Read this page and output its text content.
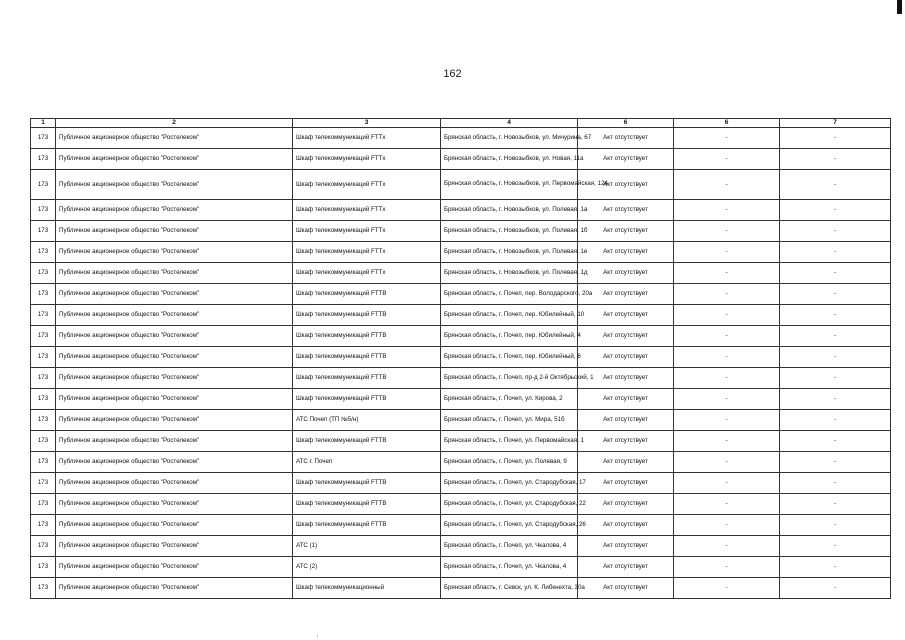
162
1	2	3	4	6	6	7
173	Публичное акционерное общество "Ростелеком"	Шкаф телекоммуникаций FTTx	Брянская область, г. Новозыбков, ул. Мичурина, 67	Акт отсутствует	-	-
173	Публичное акционерное общество "Ростелеком"	Шкаф телекоммуникаций FTTx	Брянская область, г. Новозыбков, ул. Новая, 11а	Акт отсутствует	-	-
173	Публичное акционерное общество "Ростелеком"	Шкаф телекоммуникаций FTTx	Брянская область, г. Новозыбков, ул. Первомайская, 124	Акт отсутствует	-	-
173	Публичное акционерное общество "Ростелеком"	Шкаф телекоммуникаций FTTx	Брянская область, г. Новозыбков, ул. Полевая, 1а	Акт отсутствует	-	-
173	Публичное акционерное общество "Ростелеком"	Шкаф телекоммуникаций FTTx	Брянская область, г. Новозыбков, ул. Полевая, 1б	Акт отсутствует	-	-
173	Публичное акционерное общество "Ростелеком"	Шкаф телекоммуникаций FTTx	Брянская область, г. Новозыбков, ул. Полевая, 1е	Акт отсутствует	-	-
173	Публичное акционерное общество "Ростелеком"	Шкаф телекоммуникаций FTTx	Брянская область, г. Новозыбков, ул. Полевая, 1д	Акт отсутствует	-	-
173	Публичное акционерное общество "Ростелеком"	Шкаф телекоммуникаций FTTB	Брянская область, г. Почеп, пер. Володарского, 20а	Акт отсутствует	-	-
173	Публичное акционерное общество "Ростелеком"	Шкаф телекоммуникаций FTTB	Брянская область, г. Почеп, пер. Юбилейный, 10	Акт отсутствует	-	-
173	Публичное акционерное общество "Ростелеком"	Шкаф телекоммуникаций FTTB	Брянская область, г. Почеп, пер. Юбилейный, 4	Акт отсутствует	-	-
173	Публичное акционерное общество "Ростелеком"	Шкаф телекоммуникаций FTTB	Брянская область, г. Почеп, пер. Юбилейный, 6	Акт отсутствует	-	-
173	Публичное акционерное общество "Ростелеком"	Шкаф телекоммуникаций FTTB	Брянская область, г. Почеп, пр-д 2-й Октябрьский, 1	Акт отсутствует	-	-
173	Публичное акционерное общество "Ростелеком"	Шкаф телекоммуникаций FTTB	Брянская область, г. Почеп, ул. Кирова, 2	Акт отсутствует	-	-
173	Публичное акционерное общество "Ростелеком"	АТС Почеп (ТП №5/н)	Брянская область, г. Почеп, ул. Мира, 51б	Акт отсутствует	-	-
173	Публичное акционерное общество "Ростелеком"	Шкаф телекоммуникаций FTTB	Брянская область, г. Почеп, ул. Первомайская, 1	Акт отсутствует	-	-
173	Публичное акционерное общество "Ростелеком"	АТС г. Почеп	Брянская область, г. Почеп, ул. Полевая, 9	Акт отсутствует	-	-
173	Публичное акционерное общество "Ростелеком"	Шкаф телекоммуникаций FTTB	Брянская область, г. Почеп, ул. Стародубская, 17	Акт отсутствует	-	-
173	Публичное акционерное общество "Ростелеком"	Шкаф телекоммуникаций FTTB	Брянская область, г. Почеп, ул. Стародубская, 22	Акт отсутствует	-	-
173	Публичное акционерное общество "Ростелеком"	Шкаф телекоммуникаций FTTB	Брянская область, г. Почеп, ул. Стародубская, 26	Акт отсутствует	-	-
173	Публичное акционерное общество "Ростелеком"	АТС (1)	Брянская область, г. Почеп, ул. Чкалова, 4	Акт отсутствует	-	-
173	Публичное акционерное общество "Ростелеком"	АТС (2)	Брянская область, г. Почеп, ул. Чкалова, 4	Акт отсутствует	-	-
173	Публичное акционерное общество "Ростелеком"	Шкаф телекоммуникационный	Брянская область, г. Севск, ул. К. Либкнехта, 30а	Акт отсутствует	-	-
